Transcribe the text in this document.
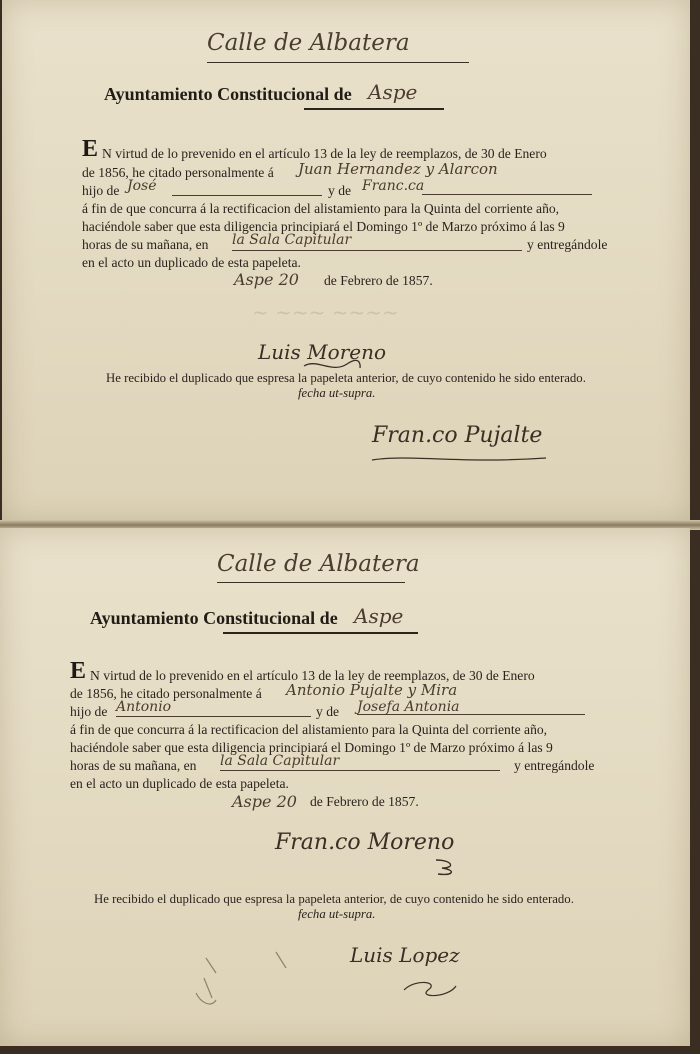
~ ~~~ ~~~~
Calle de Albatera
Ayuntamiento Constitucional de Aspe
E N virtud de lo prevenido en el artículo 13 de la ley de reemplazos, de 30 de Enero
de 1856, he citado personalmente á Juan Hernandez y Alarcon
hijo de José	y de Franc.ca
á fin de que concurra á la rectificacion del alistamiento para la Quinta del corriente año,
haciéndole saber que esta diligencia principiará el Domingo 1º de Marzo próximo á las 9
horas de su mañana, en la Sala Capitular	y entregándole
en el acto un duplicado de esta papeleta.
Aspe 20 de Febrero de 1857.
Luis Moreno
He recibido el duplicado que espresa la papeleta anterior, de cuyo contenido he sido enterado.
fecha ut-supra.
Fran.co Pujalte
Calle de Albatera
Ayuntamiento Constitucional de Aspe
E N virtud de lo prevenido en el artículo 13 de la ley de reemplazos, de 30 de Enero
de 1856, he citado personalmente á Antonio Pujalte y Mira
hijo de Antonio	y de Josefa Antonia
á fin de que concurra á la rectificacion del alistamiento para la Quinta del corriente año,
haciéndole saber que esta diligencia principiará el Domingo 1º de Marzo próximo á las 9
horas de su mañana, en la Sala Capitular	y entregándole
en el acto un duplicado de esta papeleta.
Aspe 20 de Febrero de 1857.
Fran.co Moreno
He recibido el duplicado que espresa la papeleta anterior, de cuyo contenido he sido enterado.
fecha ut-supra.
Luis Lopez
